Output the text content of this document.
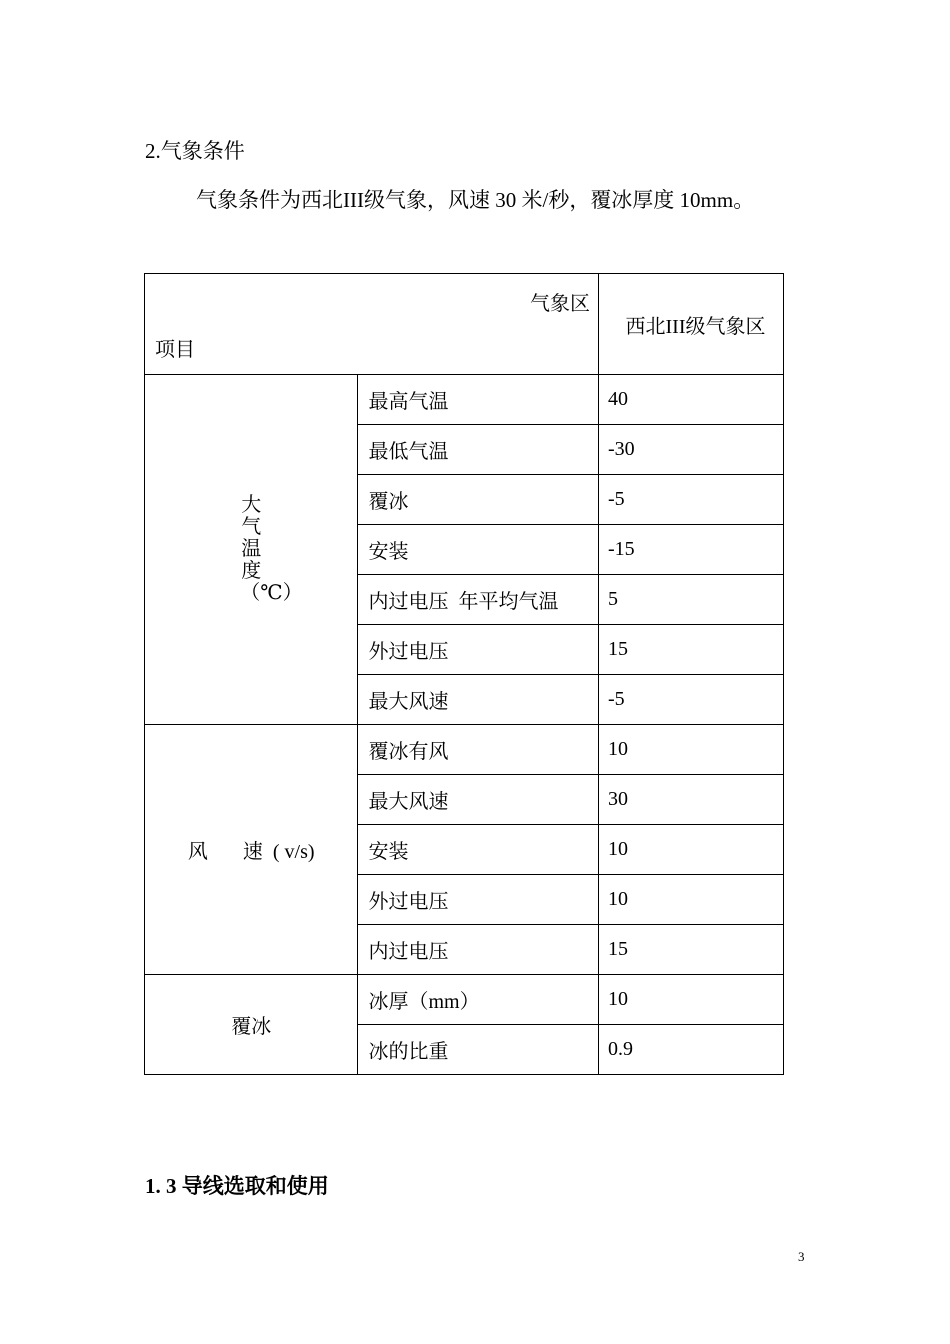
2.气象条件
气象条件为西北III级气象，风速 30 米/秒，覆冰厚度 10mm。
气象区
项目		西北III级气象区
大气温度（℃）	最高气温	40
	最低气温	-30
	覆冰	-5
	安装	-15
	内过电压  年平均气温	5
	外过电压	15
	最大风速	-5
风       速  ( v/s)	覆冰有风	10
	最大风速	30
	安装	10
	外过电压	10
	内过电压	15
覆冰	冰厚（mm）	10
	冰的比重	0.9
1. 3 导线选取和使用
3
